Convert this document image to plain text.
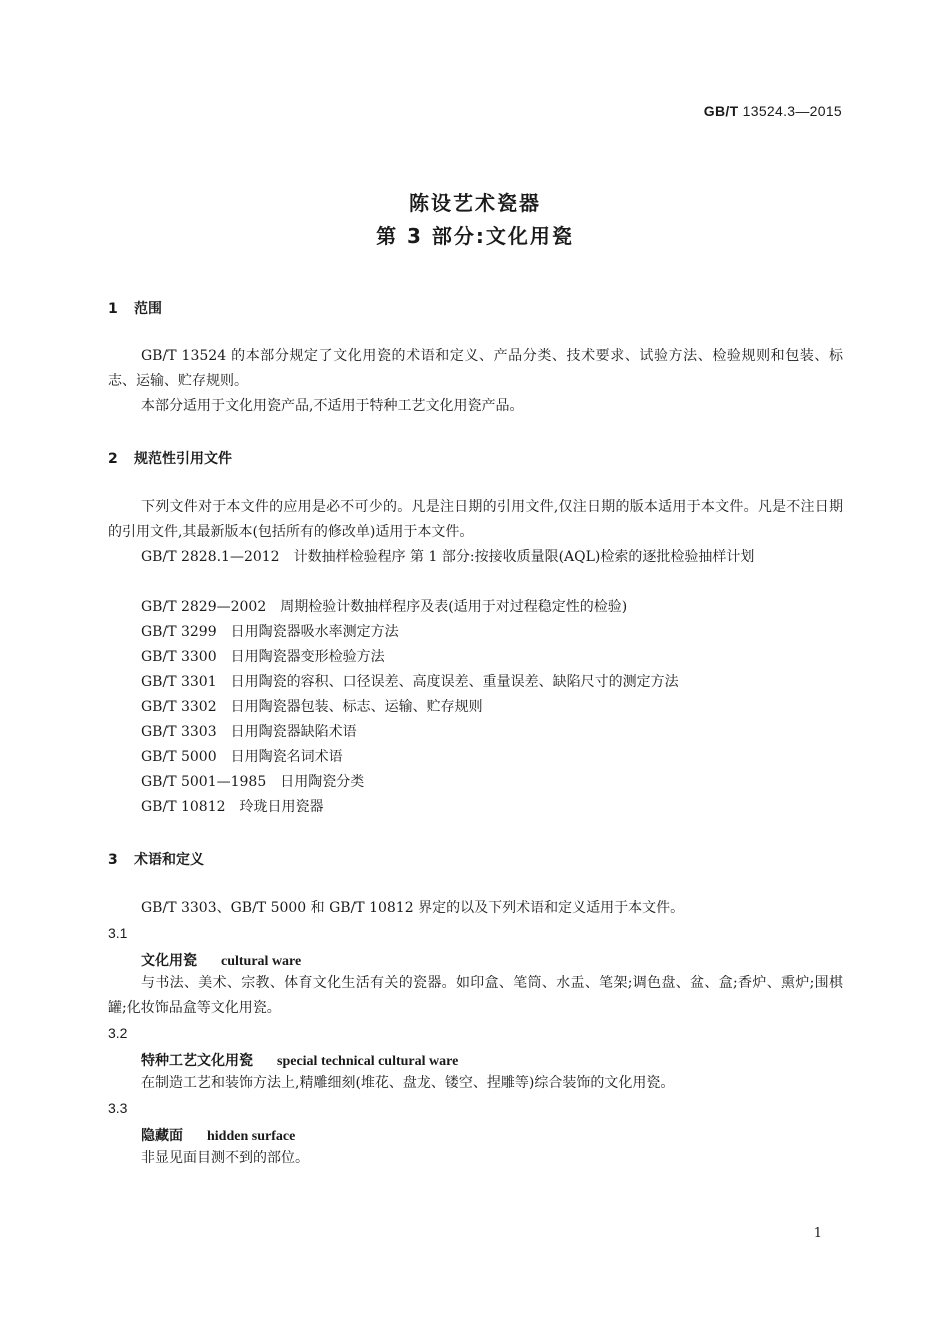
GB/T 13524.3—2015
陈设艺术瓷器
第 3 部分:文化用瓷
1 范围
GB/T 13524 的本部分规定了文化用瓷的术语和定义、产品分类、技术要求、试验方法、检验规则和包装、标志、运输、贮存规则。
本部分适用于文化用瓷产品,不适用于特种工艺文化用瓷产品。
2 规范性引用文件
下列文件对于本文件的应用是必不可少的。凡是注日期的引用文件,仅注日期的版本适用于本文件。凡是不注日期的引用文件,其最新版本(包括所有的修改单)适用于本文件。
GB/T 2828.1—2012 计数抽样检验程序 第 1 部分:按接收质量限(AQL)检索的逐批检验抽样计划
GB/T 2829—2002 周期检验计数抽样程序及表(适用于对过程稳定性的检验)
GB/T 3299 日用陶瓷器吸水率测定方法
GB/T 3300 日用陶瓷器变形检验方法
GB/T 3301 日用陶瓷的容积、口径误差、高度误差、重量误差、缺陷尺寸的测定方法
GB/T 3302 日用陶瓷器包装、标志、运输、贮存规则
GB/T 3303 日用陶瓷器缺陷术语
GB/T 5000 日用陶瓷名词术语
GB/T 5001—1985 日用陶瓷分类
GB/T 10812 玲珑日用瓷器
3 术语和定义
GB/T 3303、GB/T 5000 和 GB/T 10812 界定的以及下列术语和定义适用于本文件。
3.1
文化用瓷 cultural ware
与书法、美术、宗教、体育文化生活有关的瓷器。如印盒、笔筒、水盂、笔架;调色盘、盆、盒;香炉、熏炉;围棋罐;化妆饰品盒等文化用瓷。
3.2
特种工艺文化用瓷 special technical cultural ware
在制造工艺和装饰方法上,精雕细刻(堆花、盘龙、镂空、捏雕等)综合装饰的文化用瓷。
3.3
隐藏面 hidden surface
非显见面目测不到的部位。
1
